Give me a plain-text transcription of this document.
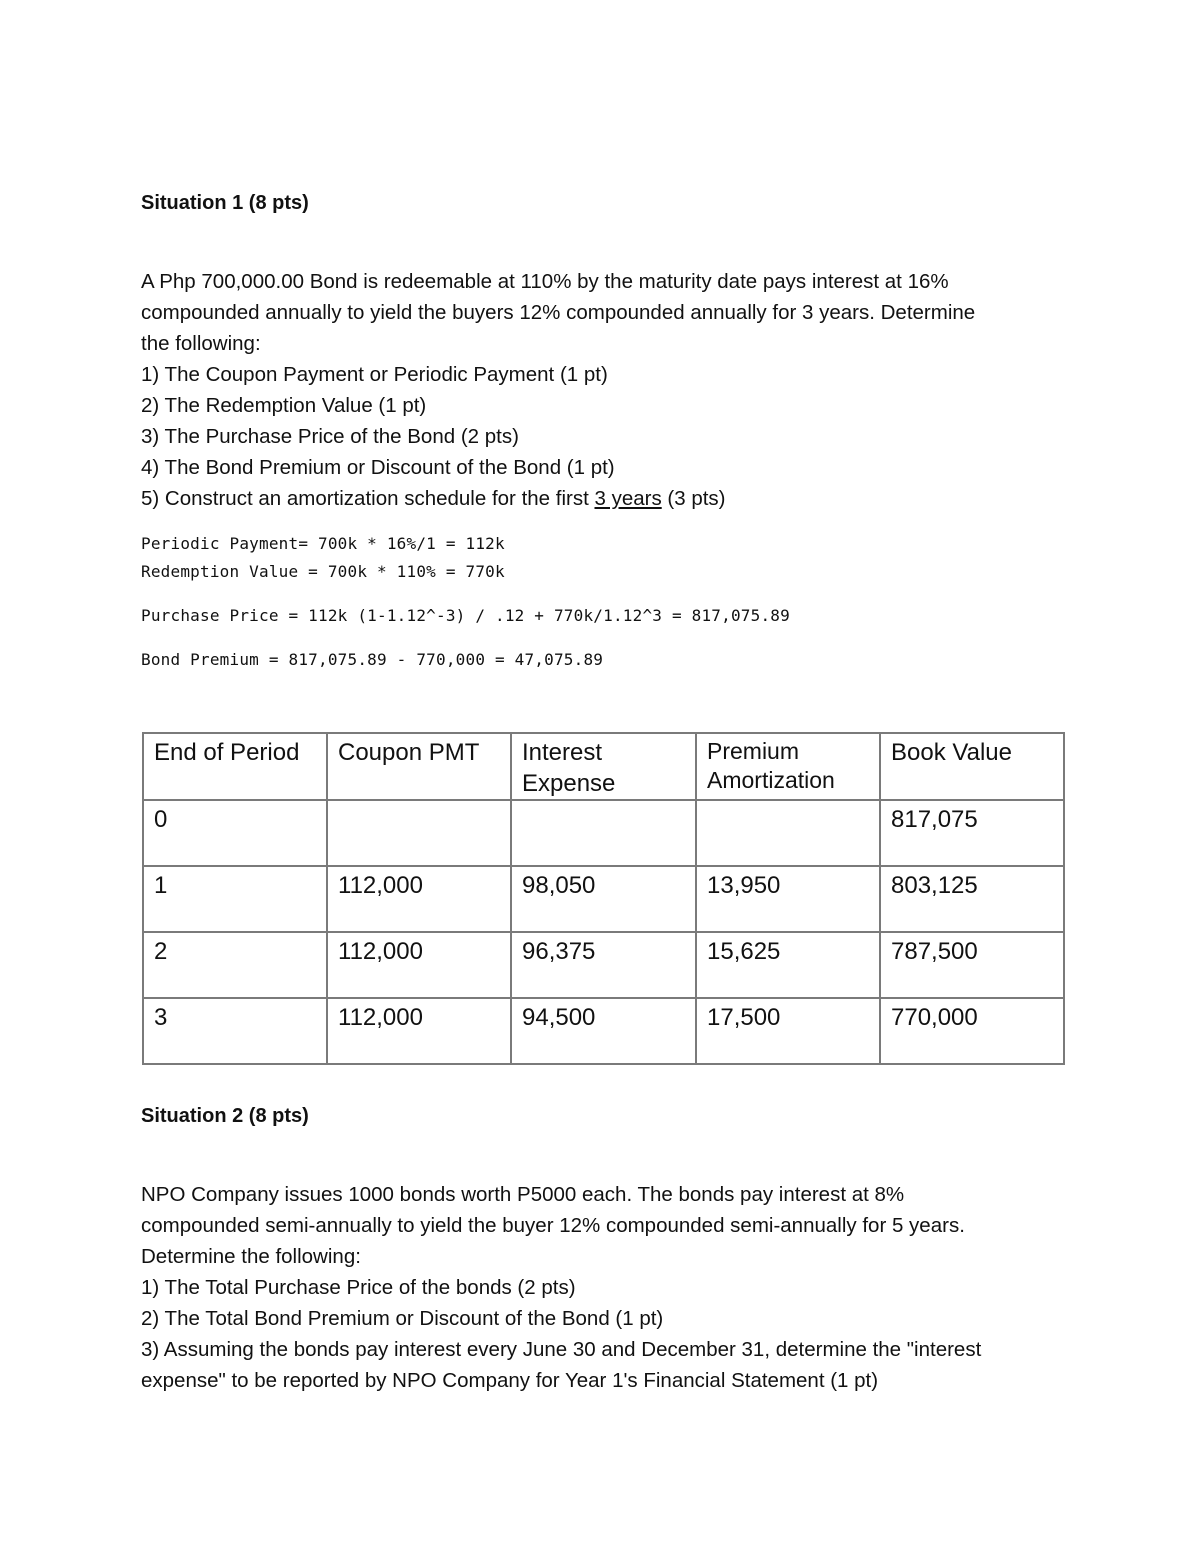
Situation 1 (8 pts)
A Php 700,000.00 Bond is redeemable at 110% by the maturity date pays interest at 16%
compounded annually to yield the buyers 12% compounded annually for 3 years. Determine
the following:
1) The Coupon Payment or Periodic Payment (1 pt)
2) The Redemption Value (1 pt)
3) The Purchase Price of the Bond (2 pts)
4) The Bond Premium or Discount of the Bond (1 pt)
5) Construct an amortization schedule for the first 3 years (3 pts)
Periodic Payment= 700k * 16%/1 = 112k
Redemption Value = 700k * 110% = 770k
Purchase Price = 112k (1-1.12^-3) / .12 + 770k/1.12^3 = 817,075.89
Bond Premium = 817,075.89 - 770,000 = 47,075.89
End of Period	Coupon PMT	Interest Expense	Premium Amortization	Book Value
0				817,075
1	112,000	98,050	13,950	803,125
2	112,000	96,375	15,625	787,500
3	112,000	94,500	17,500	770,000
Situation 2 (8 pts)
NPO Company issues 1000 bonds worth P5000 each. The bonds pay interest at 8%
compounded semi-annually to yield the buyer 12% compounded semi-annually for 5 years.
Determine the following:
1) The Total Purchase Price of the bonds (2 pts)
2) The Total Bond Premium or Discount of the Bond (1 pt)
3) Assuming the bonds pay interest every June 30 and December 31, determine the "interest
expense" to be reported by NPO Company for Year 1's Financial Statement (1 pt)
